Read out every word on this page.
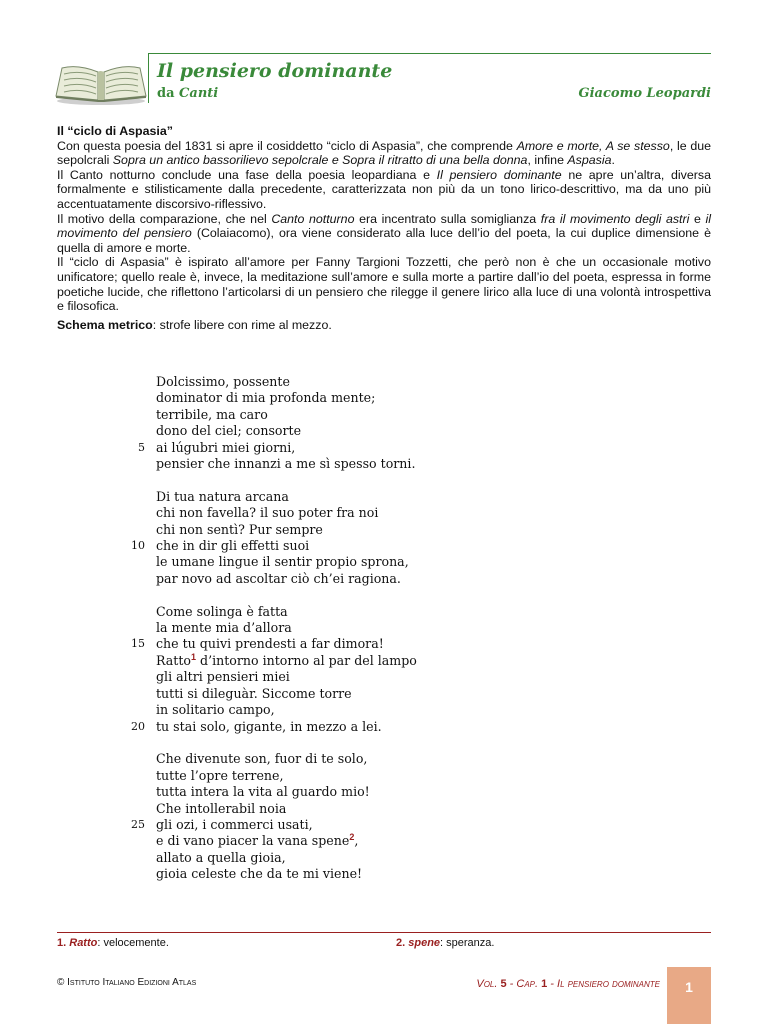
Il pensiero dominante
da Canti	Giacomo Leopardi

Il “ciclo di Aspasia”

Con questa poesia del 1831 si apre il cosiddetto “ciclo di Aspasia”, che comprende Amore e morte, A se stesso, le due sepolcrali Sopra un antico bassorilievo sepolcrale e Sopra il ritratto di una bella donna, infine Aspasia.

Il Canto notturno conclude una fase della poesia leopardiana e Il pensiero dominante ne apre un’altra, diversa formalmente e stilisticamente dalla precedente, caratterizzata non più da un tono lirico-descrittivo, ma da uno più accentuatamente discorsivo-riflessivo.

Il motivo della comparazione, che nel Canto notturno era incentrato sulla somiglianza fra il movimento degli astri e il movimento del pensiero (Colaiacomo), ora viene considerato alla luce dell’io del poeta, la cui duplice dimensione è quella di amore e morte.

Il “ciclo di Aspasia” è ispirato all’amore per Fanny Targioni Tozzetti, che però non è che un occasionale motivo unificatore; quello reale è, invece, la meditazione sull’amore e sulla morte a partire dall’io del poeta, espressa in forme poetiche lucide, che riflettono l’articolarsi di un pensiero che rilegge il genere lirico alla luce di una volontà introspettiva e filosofica.

Schema metrico: strofe libere con rime al mezzo.
Dolcissimo, possente
dominator di mia profonda mente;
terribile, ma caro
dono del ciel; consorte
5 ai lúgubri miei giorni,
pensier che innanzi a me sì spesso torni.
Di tua natura arcana
chi non favella? il suo poter fra noi
chi non sentì? Pur sempre
10 che in dir gli effetti suoi
le umane lingue il sentir propio sprona,
par novo ad ascoltar ciò ch’ei ragiona.
Come solinga è fatta
la mente mia d’allora
15 che tu quivi prendesti a far dimora!
Ratto$^1$ d’intorno intorno al par del lampo
gli altri pensieri miei
tutti si dileguàr. Siccome torre
in solitario campo,
20 tu stai solo, gigante, in mezzo a lei.
Che divenute son, fuor di te solo,
tutte l’opre terrene,
tutta intera la vita al guardo mio!
Che intollerabil noia
25 gli ozi, i commerci usati,
e di vano piacer la vana spene$^2$,
allato a quella gioia,
gioia celeste che da te mi viene!
1. Ratto: velocemente.	2. spene: speranza.
© Istituto Italiano Edizioni Atlas	Vol. 5 - Cap. 1 - Il pensiero dominante	1
